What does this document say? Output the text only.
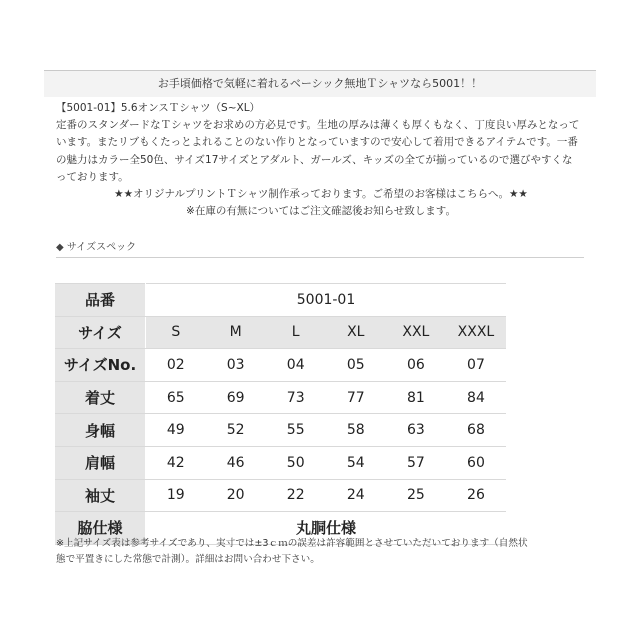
お手頃価格で気軽に着れるベーシック無地Ｔシャツなら5001！！
【5001-01】5.6オンスＴシャツ（S~XL）
定番のスタンダードなＴシャツをお求めの方必見です。生地の厚みは薄くも厚くもなく、丁度良い厚みとなって
います。またリブもくたっとよれることのない作りとなっていますので安心して着用できるアイテムです。一番
の魅力はカラー全50色、サイズ17サイズとアダルト、ガールズ、キッズの全てが揃っているので選びやすくな
っております。
★★オリジナルプリントＴシャツ制作承っております。ご希望のお客様はこちらへ。★★
※在庫の有無についてはご注文確認後お知らせ致します。
◆ サイズスペック
品番	5001-01					
サイズ	S	M	L	XL	XXL	XXXL
サイズNo.	02	03	04	05	06	07
着丈	65	69	73	77	81	84
身幅	49	52	55	58	63	68
肩幅	42	46	50	54	57	60
袖丈	19	20	22	24	25	26
脇仕様	丸胴仕様					
※上記サイズ表は参考サイズであり、実寸では±3ｃｍの誤差は許容範囲とさせていただいております（自然状
態で平置きにした常態で計測）。詳細はお問い合わせ下さい。
